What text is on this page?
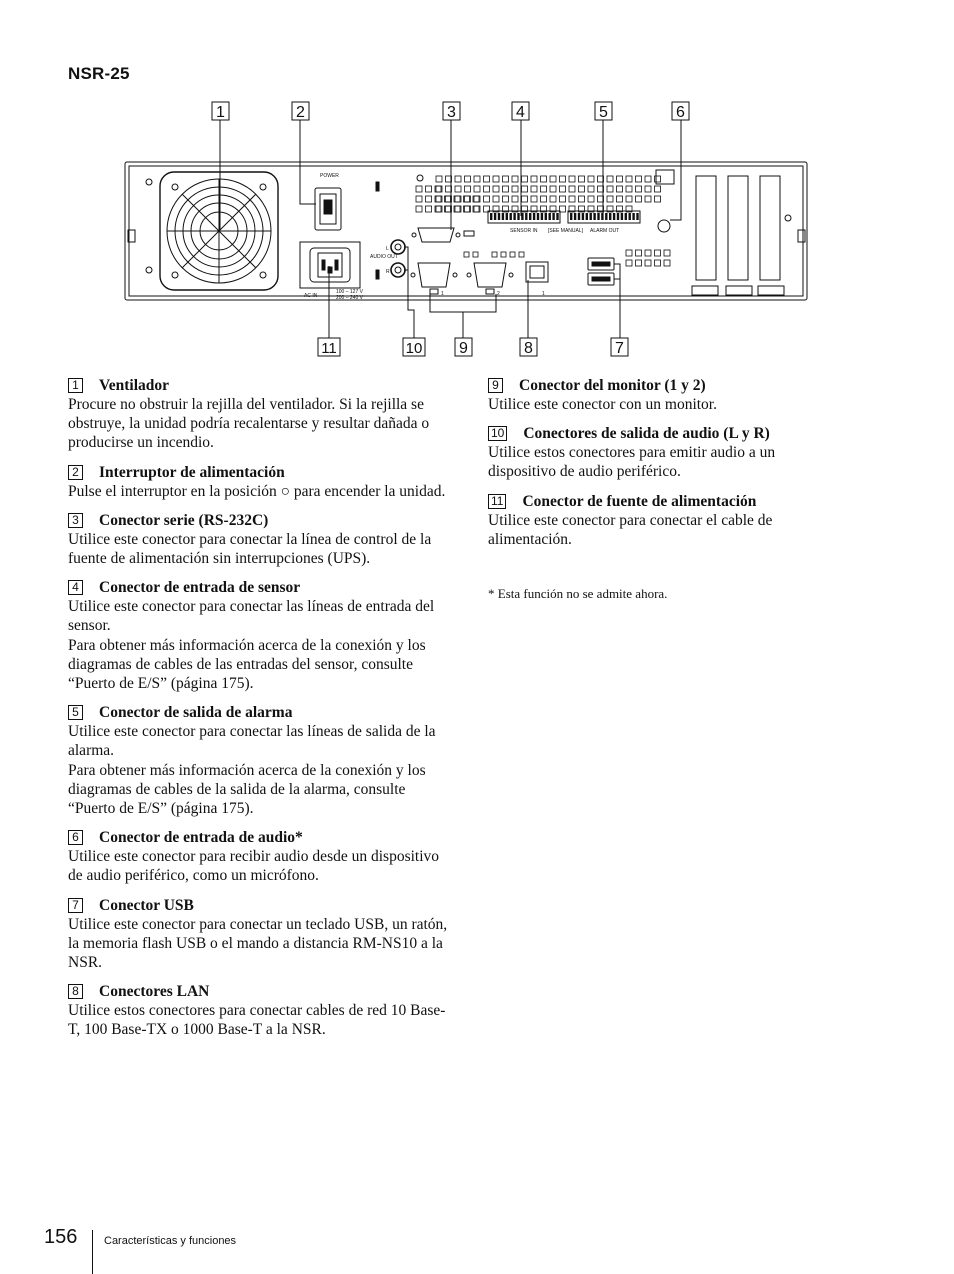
NSR-25
POWER
AC IN
100 – 127 V
200 – 240 V
AUDIO OUT
L
R
SENSOR IN [SEE MANUAL] ALARM OUT
1	2	1
1	2	3	4	5	6
11	10 9	8	7
1 Ventilador

Procure no obstruir la rejilla del ventilador. Si la rejilla se obstruye, la unidad podría recalentarse y resultar dañada o producirse un incendio.

2 Interruptor de alimentación

Pulse el interruptor en la posición ○ para encender la unidad.

3 Conector serie (RS-232C)

Utilice este conector para conectar la línea de control de la fuente de alimentación sin interrupciones (UPS).

4 Conector de entrada de sensor

Utilice este conector para conectar las líneas de entrada del sensor.

Para obtener más información acerca de la conexión y los diagramas de cables de las entradas del sensor, consulte “Puerto de E/S” (página 175).

5 Conector de salida de alarma

Utilice este conector para conectar las líneas de salida de la alarma.

Para obtener más información acerca de la conexión y los diagramas de cables de la salida de la alarma, consulte “Puerto de E/S” (página 175).

6 Conector de entrada de audio*

Utilice este conector para recibir audio desde un dispositivo de audio periférico, como un micrófono.

7 Conector USB

Utilice este conector para conectar un teclado USB, un ratón, la memoria flash USB o el mando a distancia RM-NS10 a la NSR.

8 Conectores LAN

Utilice estos conectores para conectar cables de red 10 Base-T, 100 Base-TX o 1000 Base-T a la NSR.

9 Conector del monitor (1 y 2)

Utilice este conector con un monitor.

10 Conectores de salida de audio (L y R)

Utilice estos conectores para emitir audio a un dispositivo de audio periférico.

11 Conector de fuente de alimentación

Utilice este conector para conectar el cable de alimentación.

* Esta función no se admite ahora.
156 Características y funciones
